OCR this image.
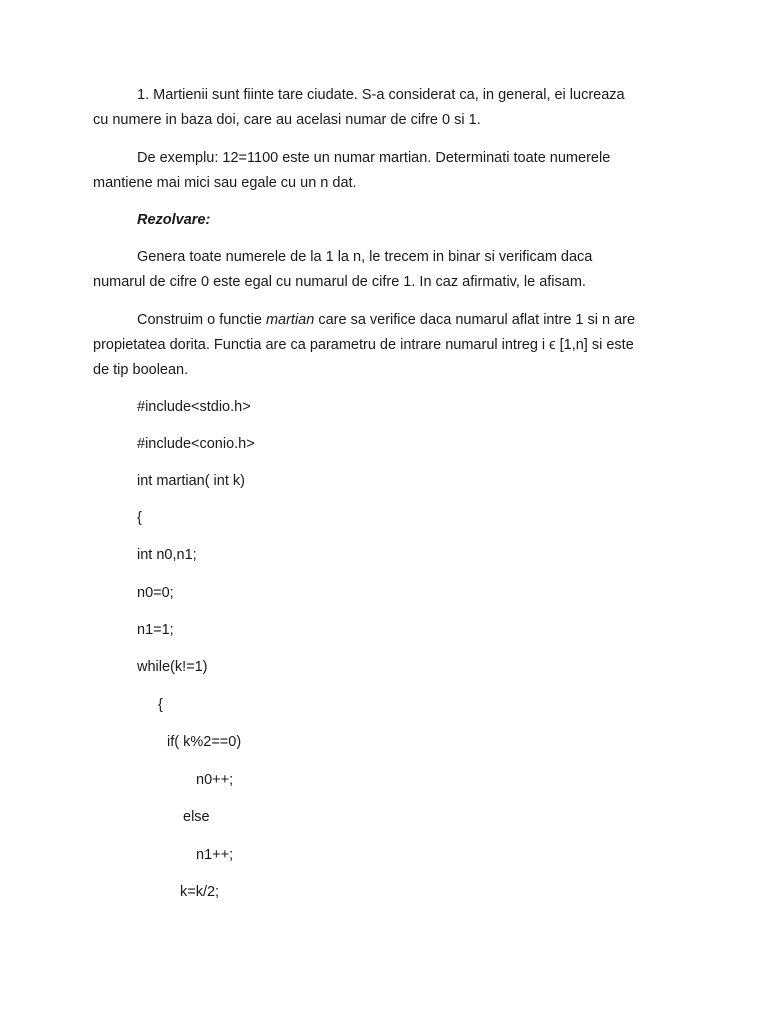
1. Martienii sunt fiinte tare ciudate. S-a considerat ca, in general, ei lucreaza
cu numere in baza doi, care au acelasi numar de cifre 0 si 1.
De exemplu: 12=1100 este un numar martian. Determinati toate numerele
mantiene mai mici sau egale cu un n dat.
Rezolvare:
Genera toate numerele de la 1 la n, le trecem in binar si verificam daca
numarul de cifre 0 este egal cu numarul de cifre 1. In caz afirmativ, le afisam.
Construim o functie martian care sa verifice daca numarul aflat intre 1 si n are
propietatea dorita. Functia are ca parametru de intrare numarul intreg i ϵ [1,n] si este
de tip boolean.
#include<stdio.h>
#include<conio.h>
int martian( int k)
{
int n0,n1;
n0=0;
n1=1;
while(k!=1)
{
if( k%2==0)
n0++;
else
n1++;
k=k/2;
